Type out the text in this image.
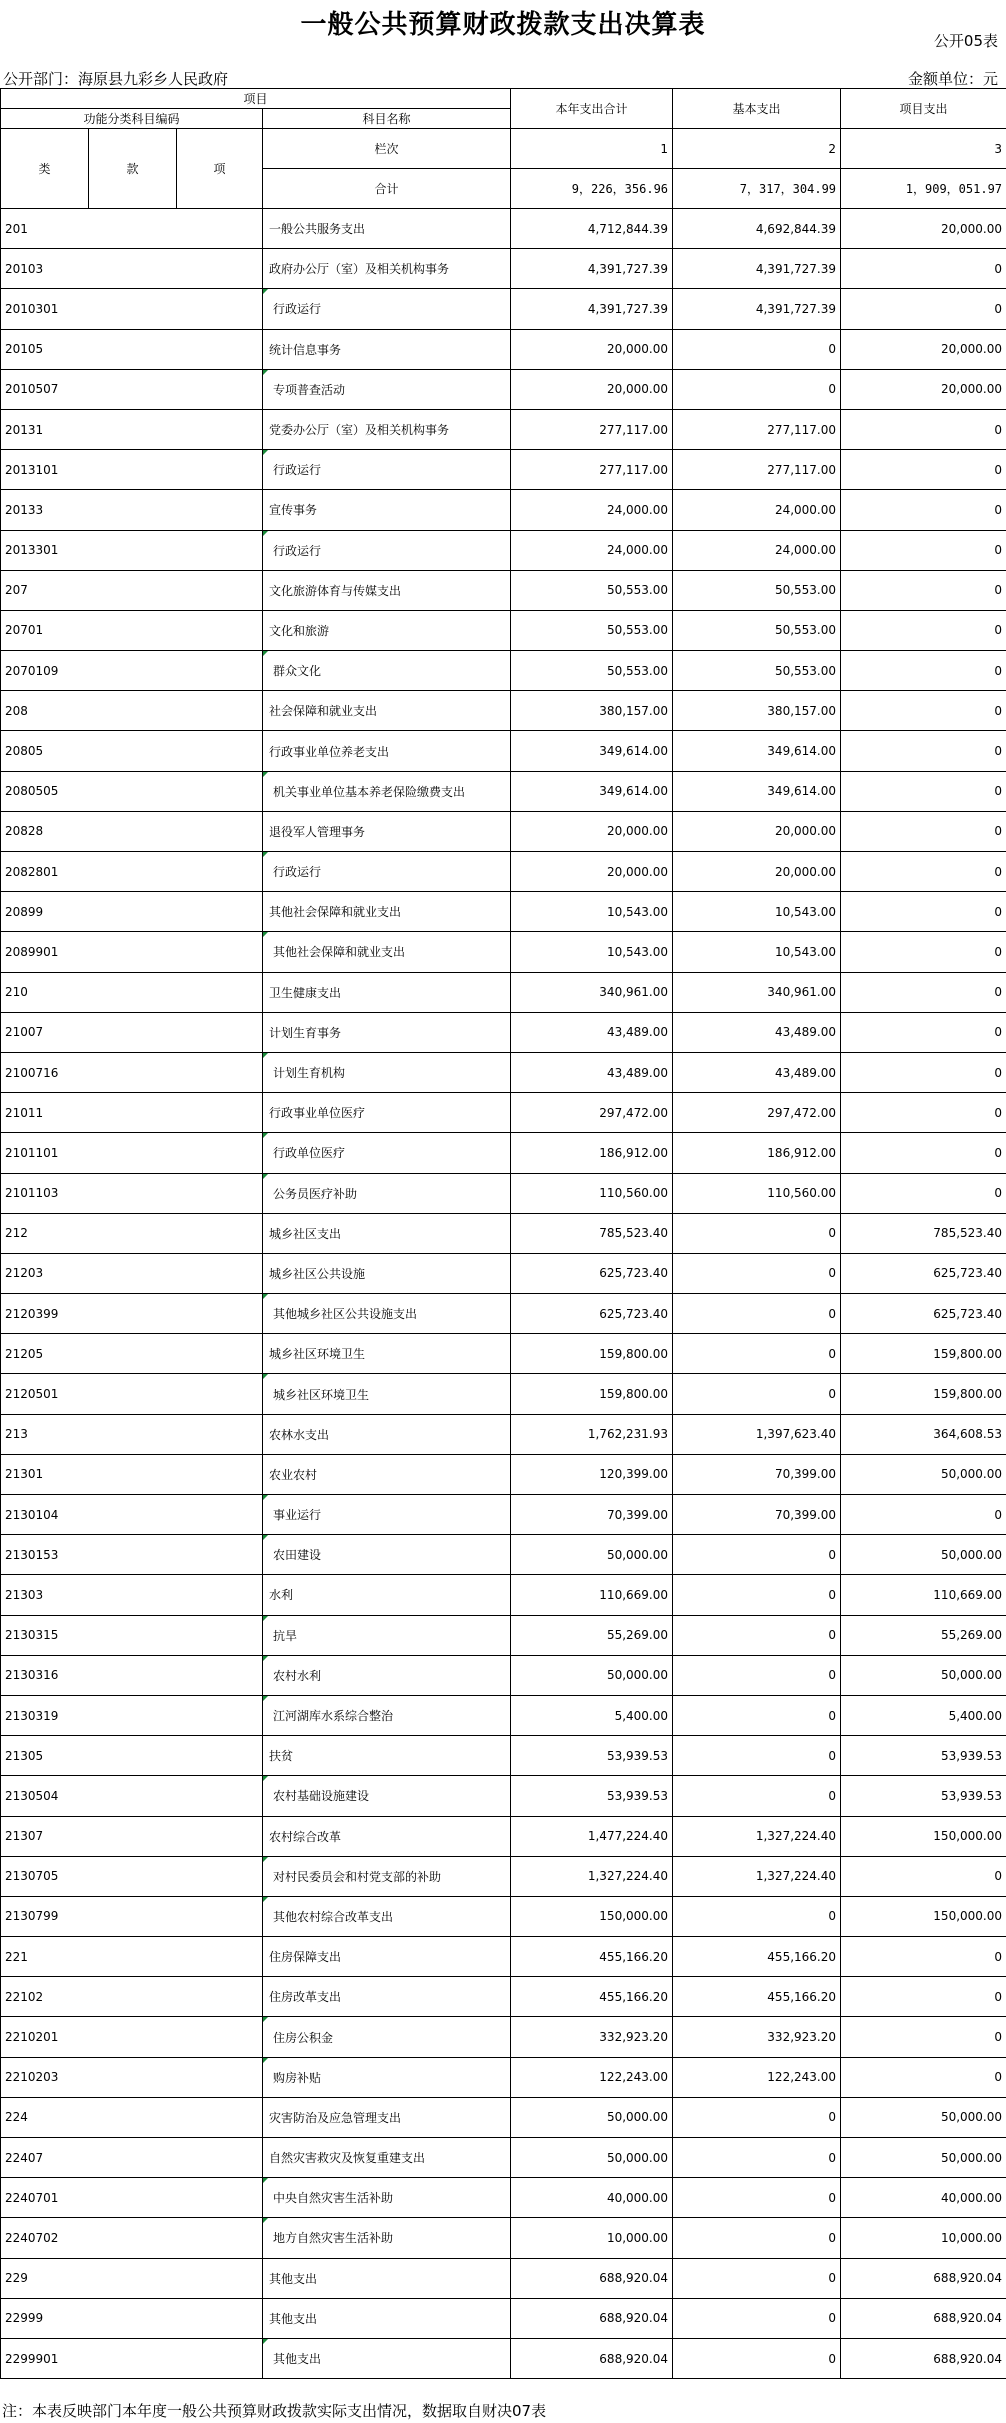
一般公共预算财政拨款支出决算表
公开05表
公开部门：海原县九彩乡人民政府	金额单位：元
项目				本年支出合计	基本支出	项目支出
功能分类科目编码			科目名称			
类	款	项	栏次	1	2	3
			合计	9，226，356.96	7，317，304.99	1，909，051.97
201			一般公共服务支出	4,712,844.39	4,692,844.39	20,000.00
20103			政府办公厅（室）及相关机构事务	4,391,727.39	4,391,727.39	0
2010301			行政运行	4,391,727.39	4,391,727.39	0
20105			统计信息事务	20,000.00	0	20,000.00
2010507			专项普查活动	20,000.00	0	20,000.00
20131			党委办公厅（室）及相关机构事务	277,117.00	277,117.00	0
2013101			行政运行	277,117.00	277,117.00	0
20133			宣传事务	24,000.00	24,000.00	0
2013301			行政运行	24,000.00	24,000.00	0
207			文化旅游体育与传媒支出	50,553.00	50,553.00	0
20701			文化和旅游	50,553.00	50,553.00	0
2070109			群众文化	50,553.00	50,553.00	0
208			社会保障和就业支出	380,157.00	380,157.00	0
20805			行政事业单位养老支出	349,614.00	349,614.00	0
2080505			机关事业单位基本养老保险缴费支出	349,614.00	349,614.00	0
20828			退役军人管理事务	20,000.00	20,000.00	0
2082801			行政运行	20,000.00	20,000.00	0
20899			其他社会保障和就业支出	10,543.00	10,543.00	0
2089901			其他社会保障和就业支出	10,543.00	10,543.00	0
210			卫生健康支出	340,961.00	340,961.00	0
21007			计划生育事务	43,489.00	43,489.00	0
2100716			计划生育机构	43,489.00	43,489.00	0
21011			行政事业单位医疗	297,472.00	297,472.00	0
2101101			行政单位医疗	186,912.00	186,912.00	0
2101103			公务员医疗补助	110,560.00	110,560.00	0
212			城乡社区支出	785,523.40	0	785,523.40
21203			城乡社区公共设施	625,723.40	0	625,723.40
2120399			其他城乡社区公共设施支出	625,723.40	0	625,723.40
21205			城乡社区环境卫生	159,800.00	0	159,800.00
2120501			城乡社区环境卫生	159,800.00	0	159,800.00
213			农林水支出	1,762,231.93	1,397,623.40	364,608.53
21301			农业农村	120,399.00	70,399.00	50,000.00
2130104			事业运行	70,399.00	70,399.00	0
2130153			农田建设	50,000.00	0	50,000.00
21303			水利	110,669.00	0	110,669.00
2130315			抗旱	55,269.00	0	55,269.00
2130316			农村水利	50,000.00	0	50,000.00
2130319			江河湖库水系综合整治	5,400.00	0	5,400.00
21305			扶贫	53,939.53	0	53,939.53
2130504			农村基础设施建设	53,939.53	0	53,939.53
21307			农村综合改革	1,477,224.40	1,327,224.40	150,000.00
2130705			对村民委员会和村党支部的补助	1,327,224.40	1,327,224.40	0
2130799			其他农村综合改革支出	150,000.00	0	150,000.00
221			住房保障支出	455,166.20	455,166.20	0
22102			住房改革支出	455,166.20	455,166.20	0
2210201			住房公积金	332,923.20	332,923.20	0
2210203			购房补贴	122,243.00	122,243.00	0
224			灾害防治及应急管理支出	50,000.00	0	50,000.00
22407			自然灾害救灾及恢复重建支出	50,000.00	0	50,000.00
2240701			中央自然灾害生活补助	40,000.00	0	40,000.00
2240702			地方自然灾害生活补助	10,000.00	0	10,000.00
229			其他支出	688,920.04	0	688,920.04
22999			其他支出	688,920.04	0	688,920.04
2299901			其他支出	688,920.04	0	688,920.04
注：本表反映部门本年度一般公共预算财政拨款实际支出情况，数据取自财决07表
